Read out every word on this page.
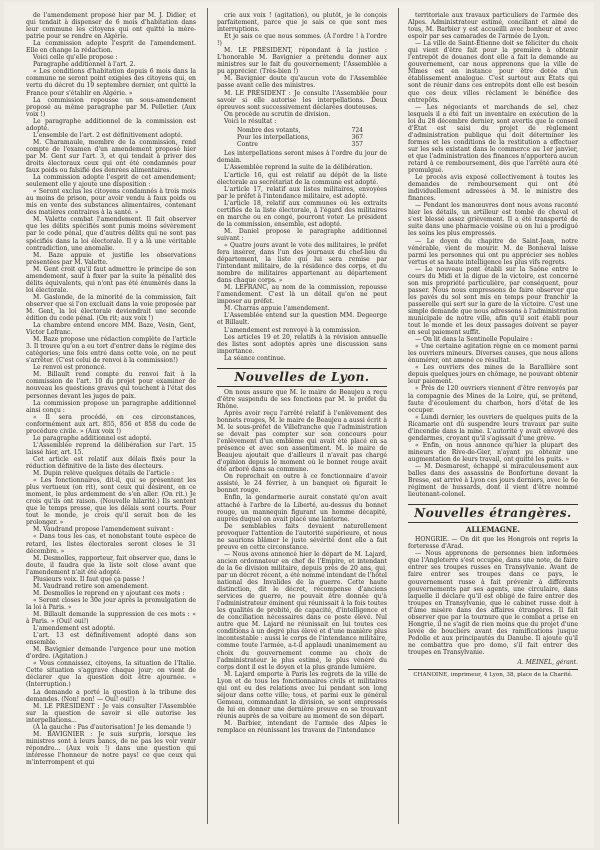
de l'amendement proposé hier par M. J. Didier, et qui tendait à dispenser de 6 mois d'habitation dans leur commune les citoyens qui ont quitté la mère-patrie pour se rendre en Algérie.

La commission adopte l'esprit de l'amendement. Elle en change la rédaction.

Voici celle qu'elle propose :

Paragraphe additionnel à l'art. 2.

« Les conditions d'habitation depuis 6 mois dans la commune ne seront point exigées des citoyens qui, en vertu du décret du 19 septembre dernier, ont quitté la France pour s'établir en Algérie. »

La commission repousse un sous-amendement proposé au même paragraphe par M. Pelletier. (Aux voix !)

Le paragraphe additionnel de la commission est adopté.

L'ensemble de l'art. 2 est définitivement adopté.

M. Charamaule, membre de la commission, rend compte de l'examen d'un amendement proposé hier par M. Gent sur l'art. 3, et qui tendait à priver des droits électoraux ceux qui ont été condamnés pour faux poids ou falsifié des denrées alimentaires.

La commission adopte l'esprit de cet amendement; seulement elle y ajoute une disposition :

« Seront exclus les citoyens condamnés à trois mois au moins de prison, pour avoir vendu à faux poids ou mis en vente des substances alimentaires, contenant des matières contraires à la santé. »

M. Valette combat l'amendement. Il fait observer que les délits spécifiés sont punis moins sévèrement par le code pénal, que d'autres délits qui ne sont pas spécifiés dans la loi électorale. Il y a là une véritable contradiction, une anomalie.

M. Baze appuie et justifie les observations présentées par M. Valette.

M. Gent croit qu'il faut admettre le principe de son amendement, sauf à fixer par la suite la pénalité des délits équivalents, qui n'ont pas été énumérés dans la loi électorale.

M. Gaslonde, de la minorité de la commission, fait observer que si l'on excluait dans la voie proposée par M. Gent, la loi électorale deviendrait une seconde édition du code pénal. (On rit; aux voix !)

La chambre entend encore MM. Baze, Vesin, Gent, Victor Lefranc.

M. Baze propose une rédaction complète de l'article 3. Il trouve qu'on a eu tort d'entrer dans le régime des catégories; une fois entré dans cette voie, on ne peut s'arrêter. (C'est celui de renvoi à la commission!)

Le renvoi est prononcé.

M. Billault rend compte du renvoi fait à la commission de l'art. 10 du projet pour examiner de nouveau les questions graves qui touchent à l'état des personnes devant les juges de paix.

La commission propose un paragraphe additionnel ainsi conçu :

« Il sera procédé, en ces circonstances, conformément aux art. 855, 856 et 858 du code de procédure civile. » (Aux voix !)

Le paragraphe additionnel est adopté.

L'Assemblée reprend la délibération sur l'art. 15 laissé hier, art. 15.

Cet article est relatif aux délais fixés pour la réduction définitive de la liste des électeurs.

M. Dupin relève quelques détails de l'article :

« Les fonctionnaires, dit-il, qui se présentent les plus vertueux (on rit), sont ceux qui désirent, en ce moment, le plus ardemment de s'en aller. (On rit.) Je crois qu'ils ont raison. (Nouvelle hilarité.) Ils sentent que le temps presse, que les délais sont courts. Pour tout le monde, je crois qu'il serait bon de les prolonger. »

M. Vaudrand propose l'amendement suivant :

« Dans tous les cas, et nonobstant toute espèce de retard, les listes électorales seront closes le 31 décembre. »

M. Desmolles, rapporteur, fait observer que, dans le doute, il faudra que la liste soit close avant que l'amendement n'ait été adopté.

Plusieurs voix. Il faut que ça passe !

M. Vaudrand retire son amendement.

M. Desmolles le reprend en y ajoutant ces mots :

« Seront closes le 30e jour après la promulgation de la loi à Paris. »

M. Billault demande la suppression de ces mots : « à Paris. » (Oui! oui!)

L'amendement est adopté.

L'art. 13 est définitivement adopté dans son ensemble.

M. Bavignier demande l'urgence pour une motion d'ordre. (Agitation.)

« Vous connaissez, citoyens, la situation de l'Italie. Cette situation s'aggrave chaque jour; on vient de déclarer que la question doit être ajournée. » (Interruption.)

La demande a porté la question à la tribune des demandes. (Non! non! — Oui! oui!)

M. LE PRÉSIDENT : Je vais consulter l'Assemblée sur la question de savoir si elle autorise les interpellations...

(À la gauche : Pas d'autorisation! Je les demande !)

M. BAVIGNIER : Je suis surpris, lorsque les ministres sont à leurs bancs, de ne pas les voir venir répondre... (Aux voix !) dans une question qui intéresse l'honneur de notre pays! ce que ceux qui m'interrompent et qui

crie aux voix ! (agitation), ou plutôt, je le conçois parfaitement, parce que je sais ce que sont mes interruptions.

Et je sais ce que nous sommes. (À l'ordre ! à l'ordre !)

M. LE PRÉSIDENT, répondant à la justice : L'honorable M. Bavignier a prétendu donner aux ministres sur le fait du gouvernement; l'Assemblée a pu apprécier. (Très-bien !)

M. Bavignier doute qu'aucun vote de l'Assemblée passe avant celle des ministres.

M. LE PRÉSIDENT : Je consulte l'Assemblée pour savoir si elle autorise les interpellations. Deux épreuves sont successivement déclarées douteuses.

On procède au scrutin de division.

Voici le résultat :

Nombre des votants,	724
Pour les interpellations,	367
Contre	357

Les interpellations seront mises à l'ordre du jour de demain.

L'Assemblée reprend la suite de la délibération.

L'article 16, qui est relatif au dépôt de la liste électorale au secrétariat de la commune est adopté.

L'article 17, relatif aux listes militaires, envoyées par le préfet à l'intendance militaire, est adopté.

L'article 18, relatif aux communes où les extraits certifiés de la liste électorale, à l'égard des militaires en marche ou en congé, pourront voter. Le président de la commission, ensemble, est adopté.

M. Daniel propose le paragraphe additionnel suivant :

« Quatre jours avant le vote des militaires, le préfet fera insérer, dans l'un des journaux du chef-lieu du département, la liste qui lui sera remise par l'intendant militaire, de la résidence des corps, et du nombre de militaires appartenant au département dans chaque corps. »

M. LEFRANC, au nom de la commission, repousse l'amendement. C'est là un détail qu'on ne peut imposer au préfet.

M. Charras appuie l'amendement.

L'Assemblée entend sur la question MM. Degeorge et Billault.

L'amendement est renvoyé à la commission.

Les articles 19 et 20, relatifs à la révision annuelle des listes sont adoptés après une discussion sans importance.

La séance continue.

Nouvelles de Lyon.

On nous assure que M. le maire de Beaujeu a reçu d'être suspendu de ses fonctions par M. le préfet du Rhône.

Après avoir reçu l'arrêté relatif à l'enlèvement des bonnets rouges, M. le maire de Beaujeu a aussi écrit à M. le sous-préfet de Villefranche que l'administration se devait pas compter sur son concours pour l'enlèvement d'un emblème qui avait été placé en sa présence et avec son assentiment. M. le maire de Beaujeu ajoutait que d'ailleurs il n'avait pas chargé d'opinion depuis le moment où le bonnet rouge avait été arboré dans sa commune.

On reprochait en outre à ce fonctionnaire d'avoir assisté, le 24 février, à un banquet où figurait le bonnet rouge.

Enfin, la gendarmerie aurait constaté qu'on avait attaché à l'arbre de la Liberté, au-dessus du bonnet rouge, un mannequin figurant un homme décapité, auprès duquel on avait placé une lanterne.

De semblables faits devaient naturellement provoquer l'attention de l'autorité supérieure, et nous ne saurions blâmer le juste sévérité dont elle a fait preuve en cette circonstance.

— Nous avons annoncé hier le départ de M. Lajard, ancien ordonnateur en chef de l'Empire, et intendant de la 6e division militaire, depuis près de 20 ans, qui, par un décret récent, a été nommé intendant de l'hôtel national des Invalides de la guerre. Cette haute distinction, dit le décret, récompense d'anciens services de guerre, ne pouvait être donnée qu'à l'administrateur éminent qui réunissait à la fois toutes les qualités de probité, de capacité, d'intelligence et de conciliation nécessaires dans ce poste élevé. Nul autre que M. Lajard ne réunissait en lui toutes ces conditions à un degré plus élevé et d'une manière plus incontestable : aussi le corps de l'intendance militaire, comme toute l'armée, a-t-il applaudi unanimement au choix du gouvernement comme au choix de l'administrateur le plus estimé, le plus vénéré du corps dont il est le doyen et la plus grande lumière.

M. Lajard emporte à Paris les regrets de la ville de Lyon et de tous les fonctionnaires civils et militaires qui ont eu des relations avec lui pendant son long séjour dans cette ville; tous, et parmi eux le général Gemeau, commandant la division, se sont empressés de lui en donner une dernière preuve en se trouvant réunis auprès de sa voiture au moment de son départ.

M. Barbier, intendant de l'armée des Alpes le remplace en réunissant les travaux de l'intendance

territoriale aux travaux particuliers de l'armée des Alpes. Administrateur estimé, conciliant et aimé de tous, M. Barbier y est accueilli avec bonheur et avec espoir par ses camarades de l'armée de Lyon.

— La ville de Saint-Étienne doit se féliciter du choix qui vient d'être fait pour la première à obtenir l'entrepôt de douanes dont elle a fait la demande au gouvernement, car nous apprenons que la ville de Nîmes est en instance pour être dotée d'un établissement analogue. C'est surtout aux États qui sont de réunir dans ces entrepôts dont elle est besoin que ces deux villes réclament le bénéfice des entrepôts.

— Les négociants et marchands de sel, chez lesquels il a été fait un inventaire en exécution de la loi du 28 décembre dernier, sont avertis que le conseil d'État est saisi du projet de règlement d'administration publique qui doit déterminer les formes et les conditions de la restitution a effectuer sur les sels existant dans le commerce au 1er janvier, et que l'administration des finances n'apportera aucun retard à ce remboursement, dès que l'arrêté aura été promulgué.

Le procès avis exposé collectivement à toutes les demandes de remboursement qui ont été individuellement adressées à M. le ministre des finances.

— Pendant les manœuvres dont nous avons raconté hier les détails, un artilleur est tombé de cheval et s'est blessé assez grièvement. Il a été transporté de suite dans une pharmacie voisine où on lui a prodigué les soins les plus empressés.

— Le doyen du chapitre de Saint-Jean, notre vénérable, vient de mourir. M. de Bonneval laisse parmi les personnes qui ont pu apprécier ses nobles vertus et sa haute intelligence les plus vifs regrets.

— Le nouveau pont établi sur la Saône entre le cours du Midi et la digue de la victoire, est concerné son mis propriété particulière, par conséquent, pour passer. Nous nous empressons de faire observer que les pavés du sol sont mis en temps pour franchir la passerelle qui sert sur la gare de la victoire. C'est une simple demande que nous adressons à l'administration municipale de notre ville, afin qu'il soit établi pour tout le monde et les deux passages doivent se payer en seul paiement suffit.

— On lit dans la Sentinelle Populaire :

« Une certaine agitation règne en ce moment parmi les ouvriers mineurs. Diverses causes, que nous allons énumérer, ont amené ce résultat.

« Les ouvriers des mines de la Barallière sont depuis quelques jours en chômage, ne pouvant obtenir leur paiement.

« Près de 120 ouvriers viennent d'être renvoyés par la compagnie des Mines de la Loire, qui, se prétend, faute d'écoulement du charbon, hors d'état de les occuper.

« Lundi dernier, les ouvriers de quelques puits de la Ricamarie ont dû suspendre leurs travaux par suite d'incendie dans la mine. L'autorité y avait envoyé des gendarmes, croyant qu'il s'agissait d'une grève.

« Enfin, on nous annonce qu'hier la plupart des mineurs de Rive-de-Gier, n'ayant pu obtenir une augmentation de leurs travail, ont quitté les puits. »

— M. Desmarest, échappé si miraculeusement aux balles dans des assassins de Bonfortune devant la Bresse, est arrivé à Lyon ces jours derniers, avec le 6e régiment de hussards, dont il vient d'être nommé lieutenant-colonel.

Nouvelles étrangères.
ALLEMAGNE.

HONGRIE. — On dit que les Hongrois ont repris la forteresse d'Arad.

— Nous apprenons de personnes bien informées que l'Angleterre s'est occupée, dans une note, de faire entrer ses troupes russes en Transylvanie. Avant de faire entrer ses troupes dans ce pays, le gouvernement russe à fait prévenir à différents gouvernements par ses agents, une circulaire, dans laquelle il déclare qu'il est obligé de faire entrer des troupes en Transylvanie, que le cabinet russe doit à d'âme misère dans des affaires étrangères. Il fait observer que par la tournure que le combat a prise en Hongrie, il ne s'agit de rien moins que du projet d'une levée de boucliers avant des ramifications jusque Podolie et aux principautés du Danube. Il ajoute qu'il ne combattra que pro domo, s'il fait entrer des troupes en Transylvanie.

A. MEINEL, gérant.
CHANOINE, imprimeur, 4 Lyon, 38, place de la Charité.
